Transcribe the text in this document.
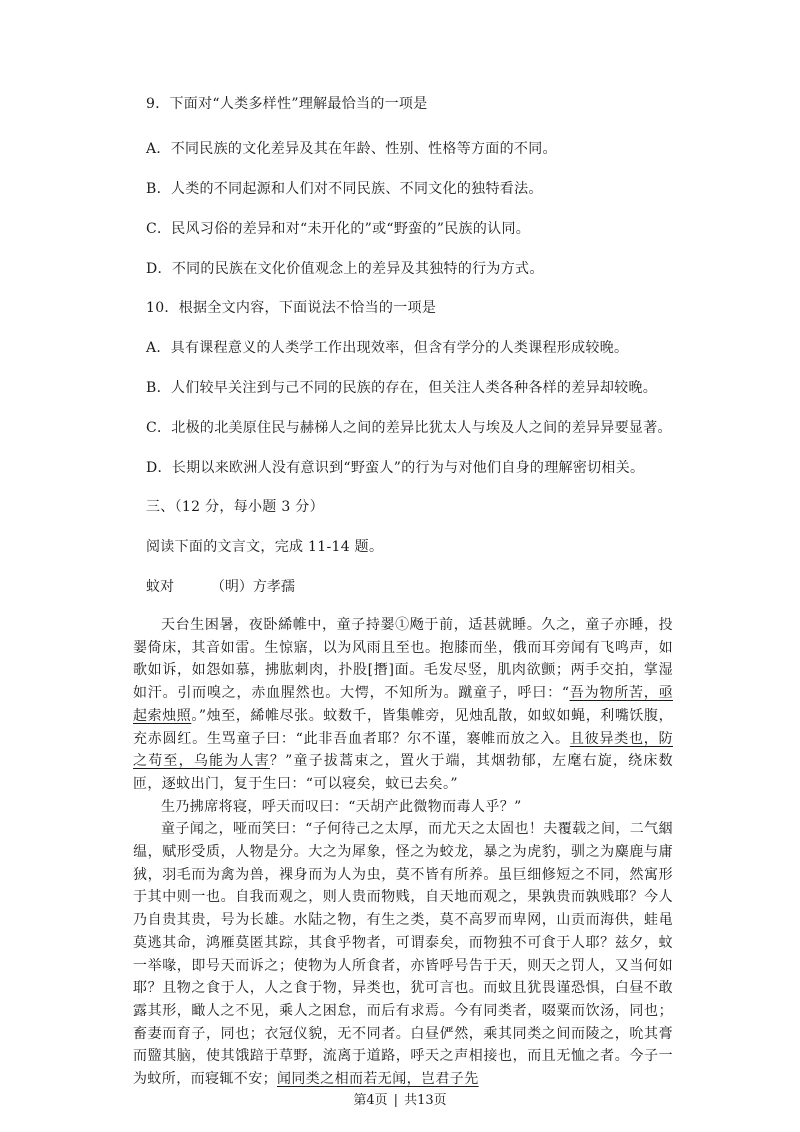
9．下面对“人类多样性”理解最恰当的一项是
A．不同民族的文化差异及其在年龄、性别、性格等方面的不同。
B．人类的不同起源和人们对不同民族、不同文化的独特看法。
C．民风习俗的差异和对“未开化的”或“野蛮的”民族的认同。
D．不同的民族在文化价值观念上的差异及其独特的行为方式。
10．根据全文内容，下面说法不恰当的一项是
A．具有课程意义的人类学工作出现效率，但含有学分的人类课程形成较晚。
B．人们较早关注到与己不同的民族的存在，但关注人类各种各样的差异却较晚。
C．北极的北美原住民与赫梯人之间的差异比犹太人与埃及人之间的差异异要显著。
D．长期以来欧洲人没有意识到“野蛮人”的行为与对他们自身的理解密切相关。
三、（12 分，每小题 3 分）
阅读下面的文言文，完成 11-14 题。
蚊对	（明）方孝孺

天台生困暑，夜卧絺帷中，童子持翣①飏于前，适甚就睡。久之，童子亦睡，投翣倚床，其音如雷。生惊寤，以为风雨且至也。抱膝而坐，俄而耳旁闻有飞鸣声，如歌如诉，如怨如慕，拂肱刺肉，扑股[撍]面。毛发尽竖，肌肉欲颤；两手交拍，掌湿如汗。引而嗅之，赤血腥然也。大愕，不知所为。蹴童子，呼曰：“吾为物所苦，亟起索烛照。”烛至，絺帷尽张。蚊数千，皆集帷旁，见烛乱散，如蚁如蝇，利嘴饫腹，充赤圆红。生骂童子曰：“此非吾血者耶？尔不谨，褰帷而放之入。且彼异类也，防之苟至，乌能为人害？”童子拔蒿束之，置火于端，其烟勃郁，左麾右旋，绕床数匝，逐蚊出门，复于生曰：“可以寝矣，蚊已去矣。”

生乃拂席将寝，呼天而叹曰：“天胡产此微物而毒人乎？”

童子闻之，哑而笑曰：“子何待己之太厚，而尤天之太固也！夫覆载之间，二气絪缊，赋形受质，人物是分。大之为犀象，怪之为蛟龙，暴之为虎豹，驯之为麋鹿与庸狨，羽毛而为禽为兽，裸身而为人为虫，莫不皆有所养。虽巨细修短之不同，然寓形于其中则一也。自我而观之，则人贵而物贱，自天地而观之，果孰贵而孰贱耶？今人乃自贵其贵，号为长雄。水陆之物，有生之类，莫不高罗而卑网，山贡而海供，蛙黾莫逃其命，鸿雁莫匿其踪，其食乎物者，可谓泰矣，而物独不可食于人耶？兹夕，蚊一举喙，即号天而诉之；使物为人所食者，亦皆呼号告于天，则天之罚人，又当何如耶？且物之食于人，人之食于物，异类也，犹可言也。而蚊且犹畏谨恐惧，白昼不敢露其形，瞰人之不见，乘人之困怠，而后有求焉。今有同类者，啜粟而饮汤，同也；畜妻而育子，同也；衣冠仪貌，无不同者。白昼俨然，乘其同类之间而陵之，吮其膏而盬其脑，使其饿踣于草野，流离于道路，呼天之声相接也，而且无恤之者。今子一为蚊所，而寝辄不安；闻同类之相而若无闻，岂君子先

第4页 | 共13页
